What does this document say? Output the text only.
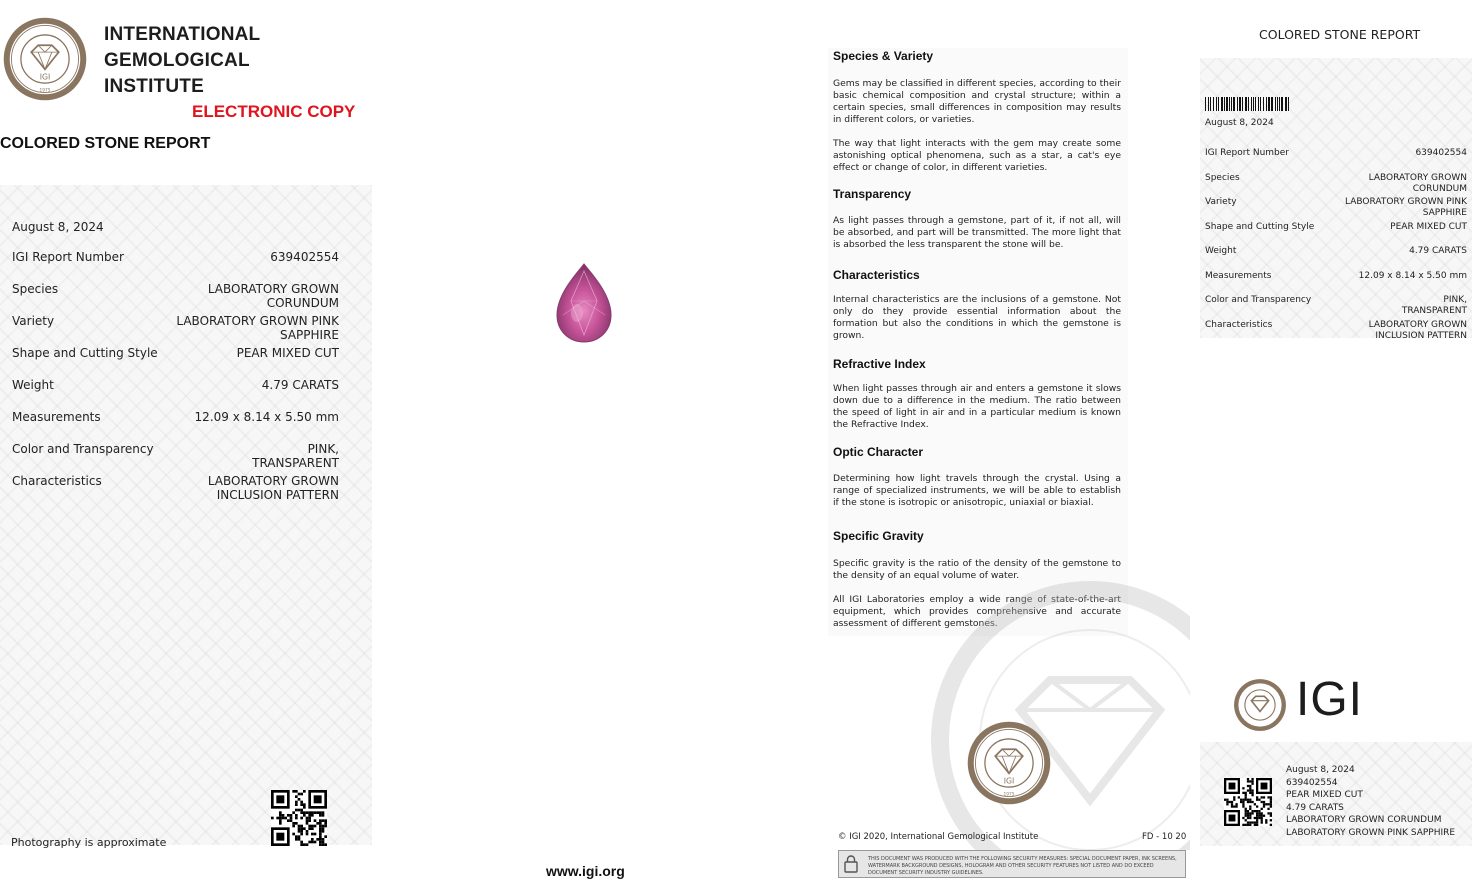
IGI
1975
INTERNATIONAL
GEMOLOGICAL
INSTITUTE
ELECTRONIC COPY
COLORED STONE REPORT
August 8, 2024
IGI Report Number	639402554
Species	LABORATORY GROWN
CORUNDUM
Variety	LABORATORY GROWN PINK
SAPPHIRE
Shape and Cutting Style	PEAR MIXED CUT
Weight	4.79 CARATS
Measurements	12.09 x 8.14 x 5.50 mm
Color and Transparency	PINK,
TRANSPARENT
Characteristics	LABORATORY GROWN
INCLUSION PATTERN
Photography is approximate
www.igi.org
Species & Variety
Gems may be classified in different species, according to their basic chemical composition and crystal structure; within a certain species, small differences in composition may results in different colors, or varieties.
The way that light interacts with the gem may create some astonishing optical phenomena, such as a star, a cat's eye effect or change of color, in different varieties.
Transparency
As light passes through a gemstone, part of it, if not all, will be absorbed, and part will be transmitted. The more light that is absorbed the less transparent the stone will be.
Characteristics
Internal characteristics are the inclusions of a gemstone. Not only do they provide essential information about the formation but also the conditions in which the gemstone is grown.
Refractive Index
When light passes through air and enters a gemstone it slows down due to a difference in the medium. The ratio between the speed of light in air and in a particular medium is known the Refractive Index.
Optic Character
Determining how light travels through the crystal. Using a range of specialized instruments, we will be able to establish if the stone is isotropic or anisotropic, uniaxial or biaxial.
Specific Gravity
Specific gravity is the ratio of the density of the gemstone to the density of an equal volume of water.
All IGI Laboratories employ a wide range of state-of-the-art equipment, which provides comprehensive and accurate assessment of different gemstones.
IGI
1975
© IGI 2020, International Gemological Institute	FD - 10 20
THIS DOCUMENT WAS PRODUCED WITH THE FOLLOWING SECURITY MEASURES: SPECIAL DOCUMENT PAPER, INK SCREENS, WATERMARK BACKGROUND DESIGNS, HOLOGRAM AND OTHER SECURITY FEATURES NOT LISTED AND DO EXCEED DOCUMENT SECURITY INDUSTRY GUIDELINES.
COLORED STONE REPORT
August 8, 2024
IGI Report Number	639402554
Species	LABORATORY GROWN
CORUNDUM
Variety	LABORATORY GROWN PINK
SAPPHIRE
Shape and Cutting Style	PEAR MIXED CUT
Weight	4.79 CARATS
Measurements	12.09 x 8.14 x 5.50 mm
Color and Transparency	PINK,
TRANSPARENT
Characteristics	LABORATORY GROWN
INCLUSION PATTERN
IGI
August 8, 2024
639402554
PEAR MIXED CUT
4.79 CARATS
LABORATORY GROWN CORUNDUM
LABORATORY GROWN PINK SAPPHIRE
